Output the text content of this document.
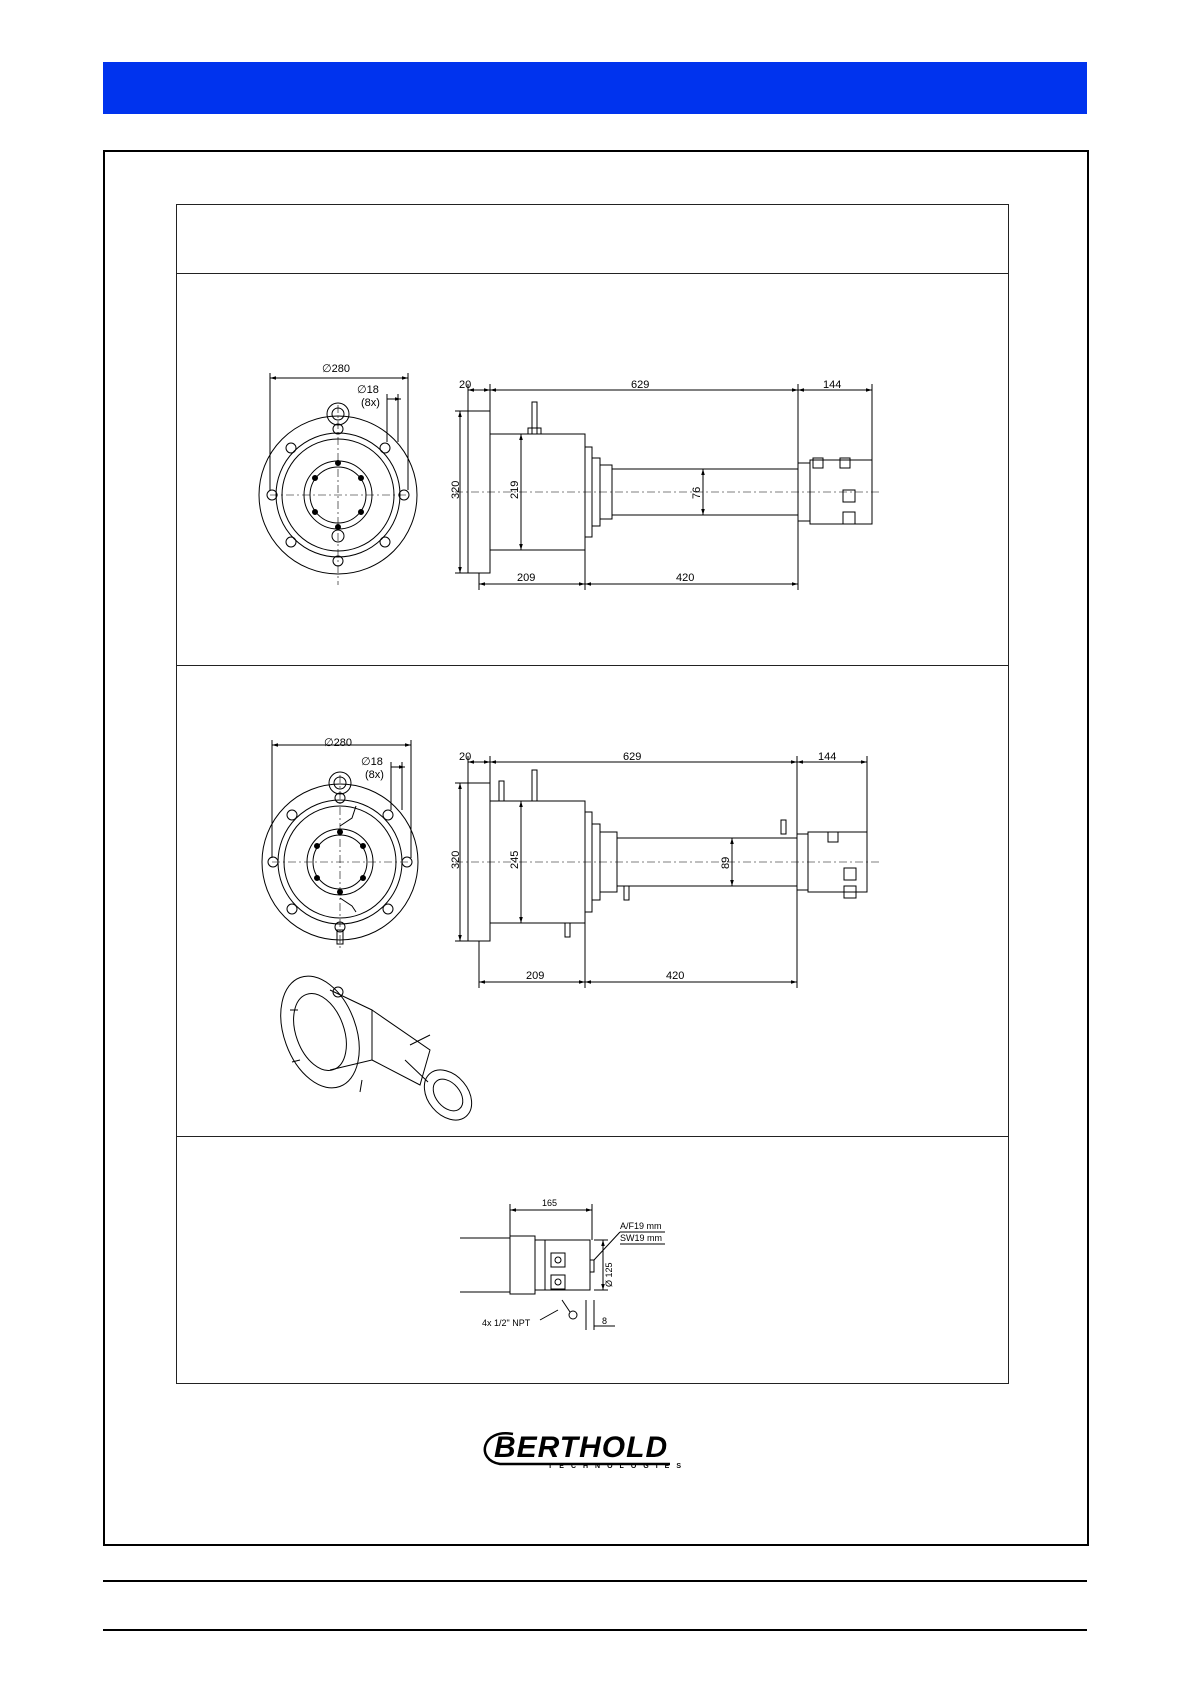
∅280
∅18
(8x)
20	629	144
320	219	76
209	420
∅280
∅18
(8x)
20	629	144
320	245	89
209	420
165
A/F19 mm
SW19 mm
Ø 125
4x 1/2" NPT	8
BERTHOLD
TECHNOLOGIES
